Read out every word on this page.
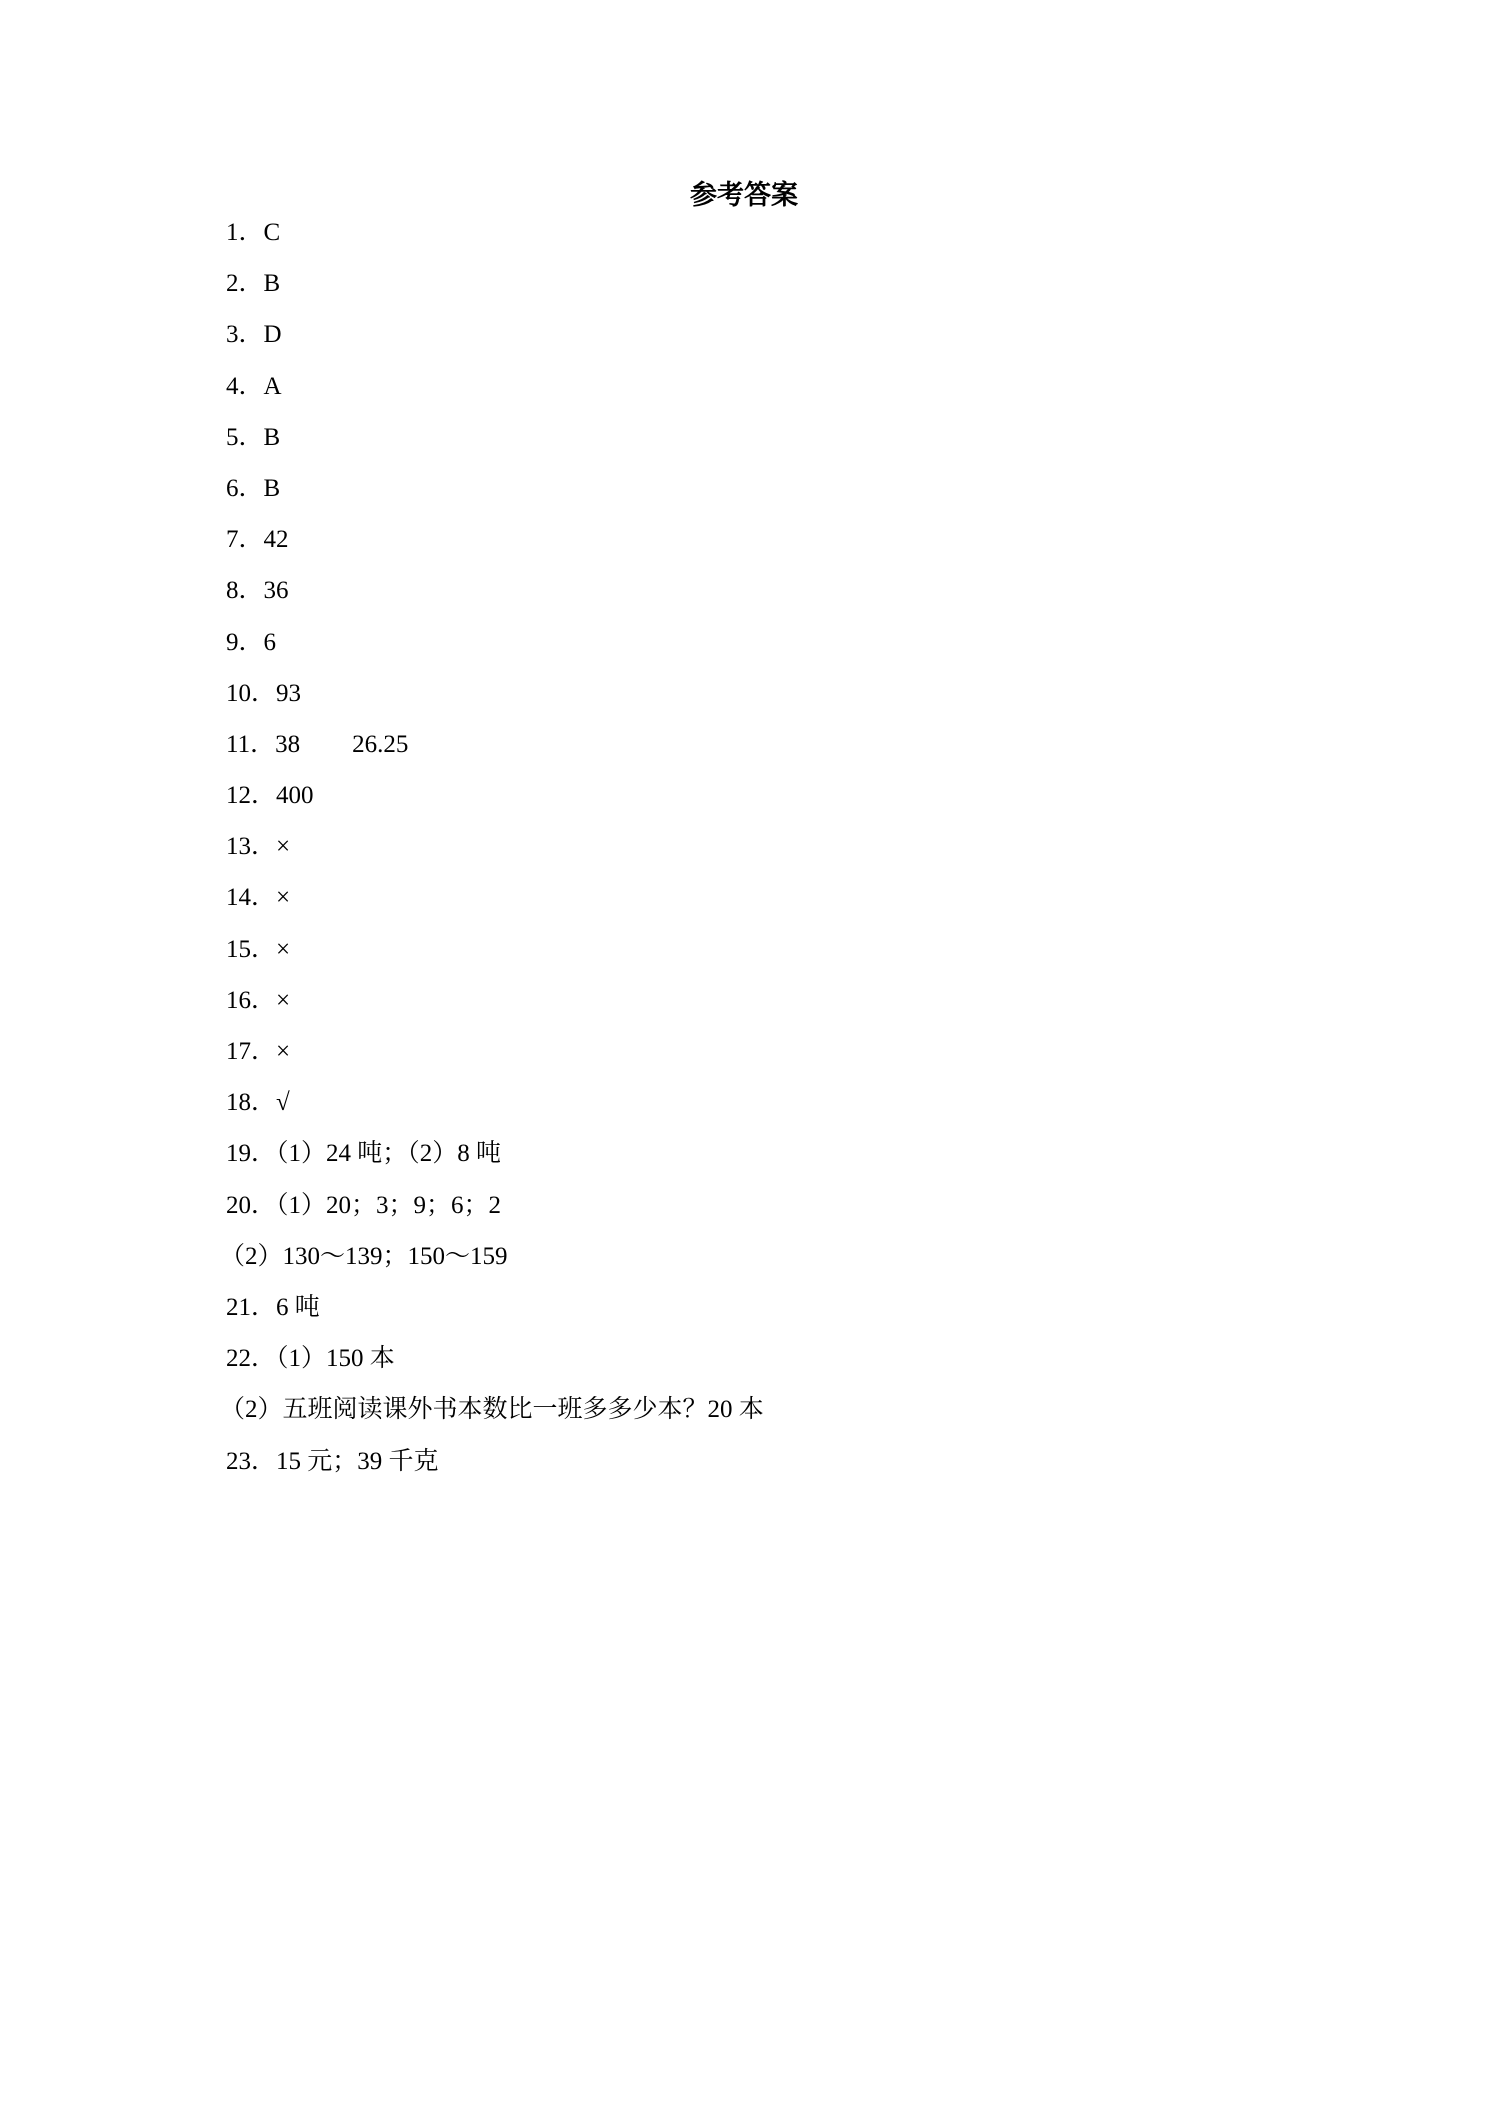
参考答案
1．C
2．B
3．D
4．A
5．B
6．B
7．42
8．36
9．6
10．93
11．38 26.25
12．400
13．×
14．×
15．×
16．×
17．×
18．√
19．（1）24 吨；（2）8 吨
20．（1）20；3；9；6；2
（2）130～139；150～159
21．6 吨
22．（1）150 本
（2）五班阅读课外书本数比一班多多少本？20 本
23．15 元；39 千克
